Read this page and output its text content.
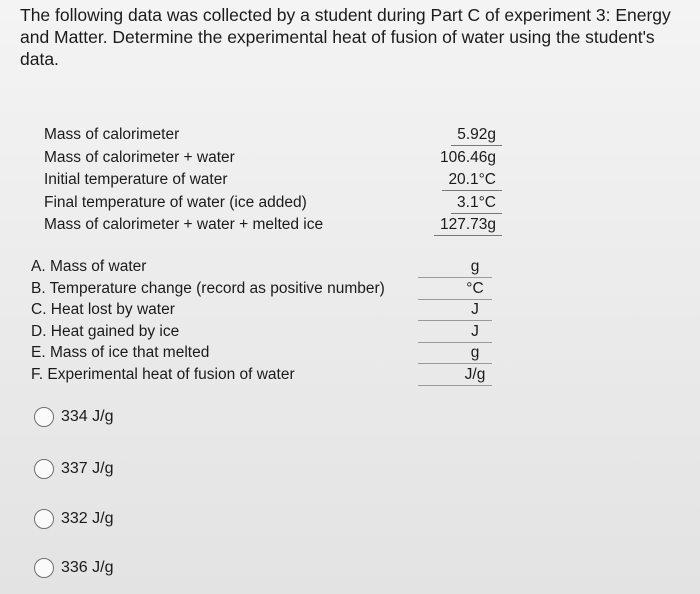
The following data was collected by a student during Part C of experiment 3: Energy and Matter. Determine the experimental heat of fusion of water using the student's data.

Mass of calorimeter	5.92g
Mass of calorimeter + water	106.46g
Initial temperature of water	20.1°C
Final temperature of water (ice added)	3.1°C
Mass of calorimeter + water + melted ice	127.73g
A. Mass of water	g
B. Temperature change (record as positive number)	°C
C. Heat lost by water	J
D. Heat gained by ice	J
E. Mass of ice that melted	g
F. Experimental heat of fusion of water	J/g
334 J/g
337 J/g
332 J/g
336 J/g
